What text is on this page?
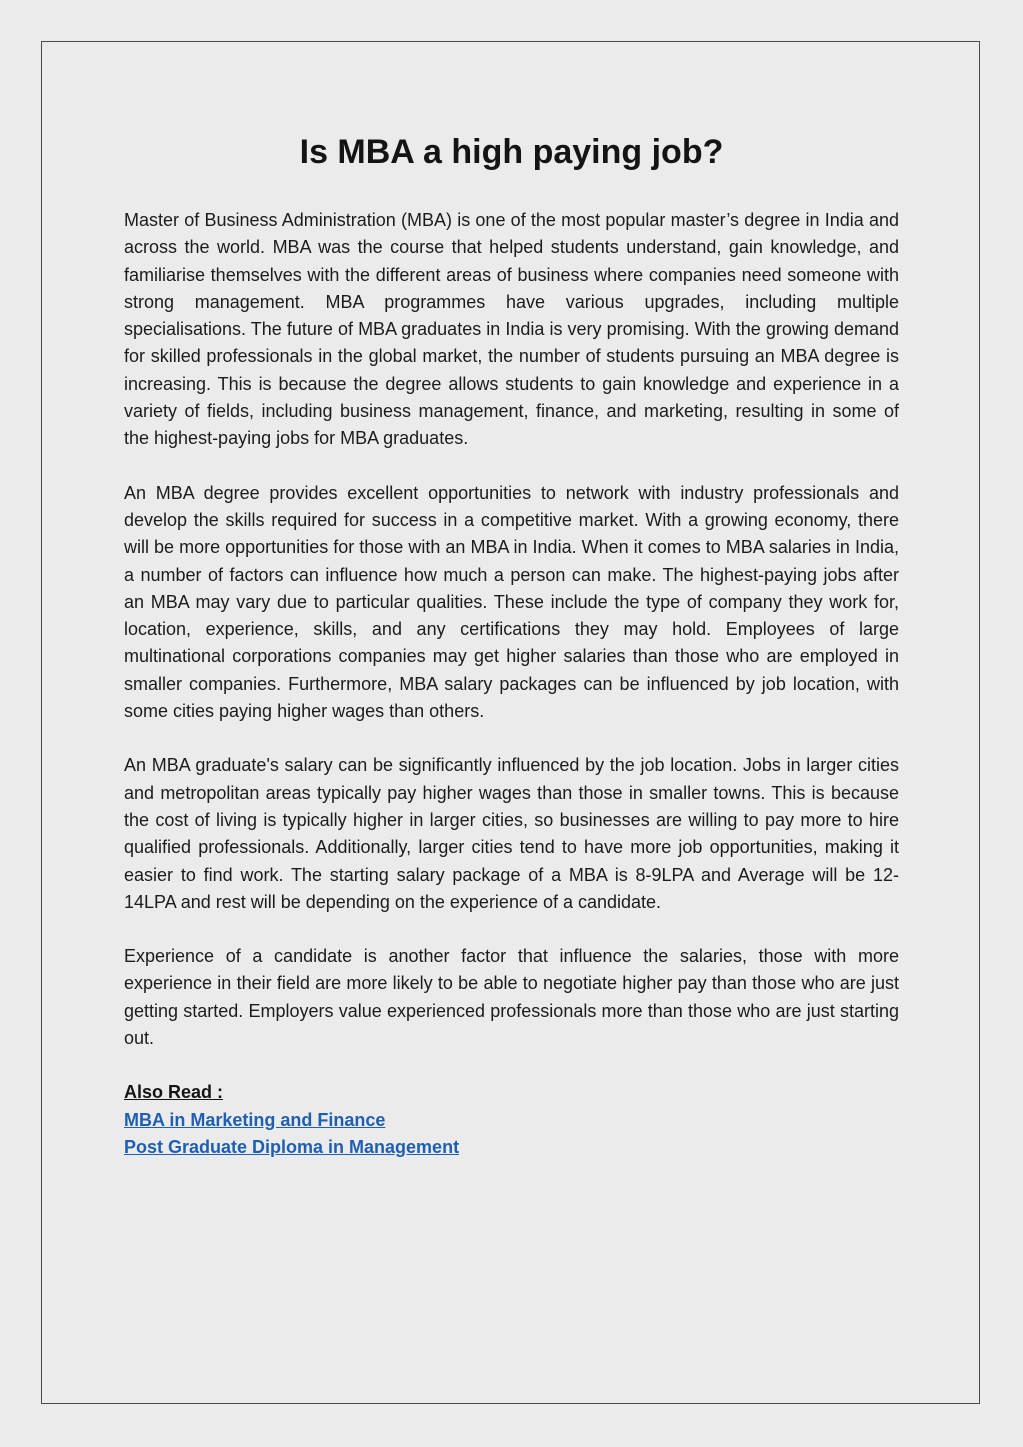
Is MBA a high paying job?

Master of Business Administration (MBA) is one of the most popular master’s degree in India and across the world. MBA was the course that helped students understand, gain knowledge, and familiarise themselves with the different areas of business where companies need someone with strong management. MBA programmes have various upgrades, including multiple specialisations. The future of MBA graduates in India is very promising. With the growing demand for skilled professionals in the global market, the number of students pursuing an MBA degree is increasing. This is because the degree allows students to gain knowledge and experience in a variety of fields, including business management, finance, and marketing, resulting in some of the highest-paying jobs for MBA graduates.

An MBA degree provides excellent opportunities to network with industry professionals and develop the skills required for success in a competitive market. With a growing economy, there will be more opportunities for those with an MBA in India. When it comes to MBA salaries in India, a number of factors can influence how much a person can make. The highest-paying jobs after an MBA may vary due to particular qualities. These include the type of company they work for, location, experience, skills, and any certifications they may hold. Employees of large multinational corporations companies may get higher salaries than those who are employed in smaller companies. Furthermore, MBA salary packages can be influenced by job location, with some cities paying higher wages than others.

An MBA graduate's salary can be significantly influenced by the job location. Jobs in larger cities and metropolitan areas typically pay higher wages than those in smaller towns. This is because the cost of living is typically higher in larger cities, so businesses are willing to pay more to hire qualified professionals. Additionally, larger cities tend to have more job opportunities, making it easier to find work. The starting salary package of a MBA is 8-9LPA and Average will be 12-14LPA and rest will be depending on the experience of a candidate.

Experience of a candidate is another factor that influence the salaries, those with more experience in their field are more likely to be able to negotiate higher pay than those who are just getting started. Employers value experienced professionals more than those who are just starting out.

Also Read :

MBA in Marketing and Finance
Post Graduate Diploma in Management
